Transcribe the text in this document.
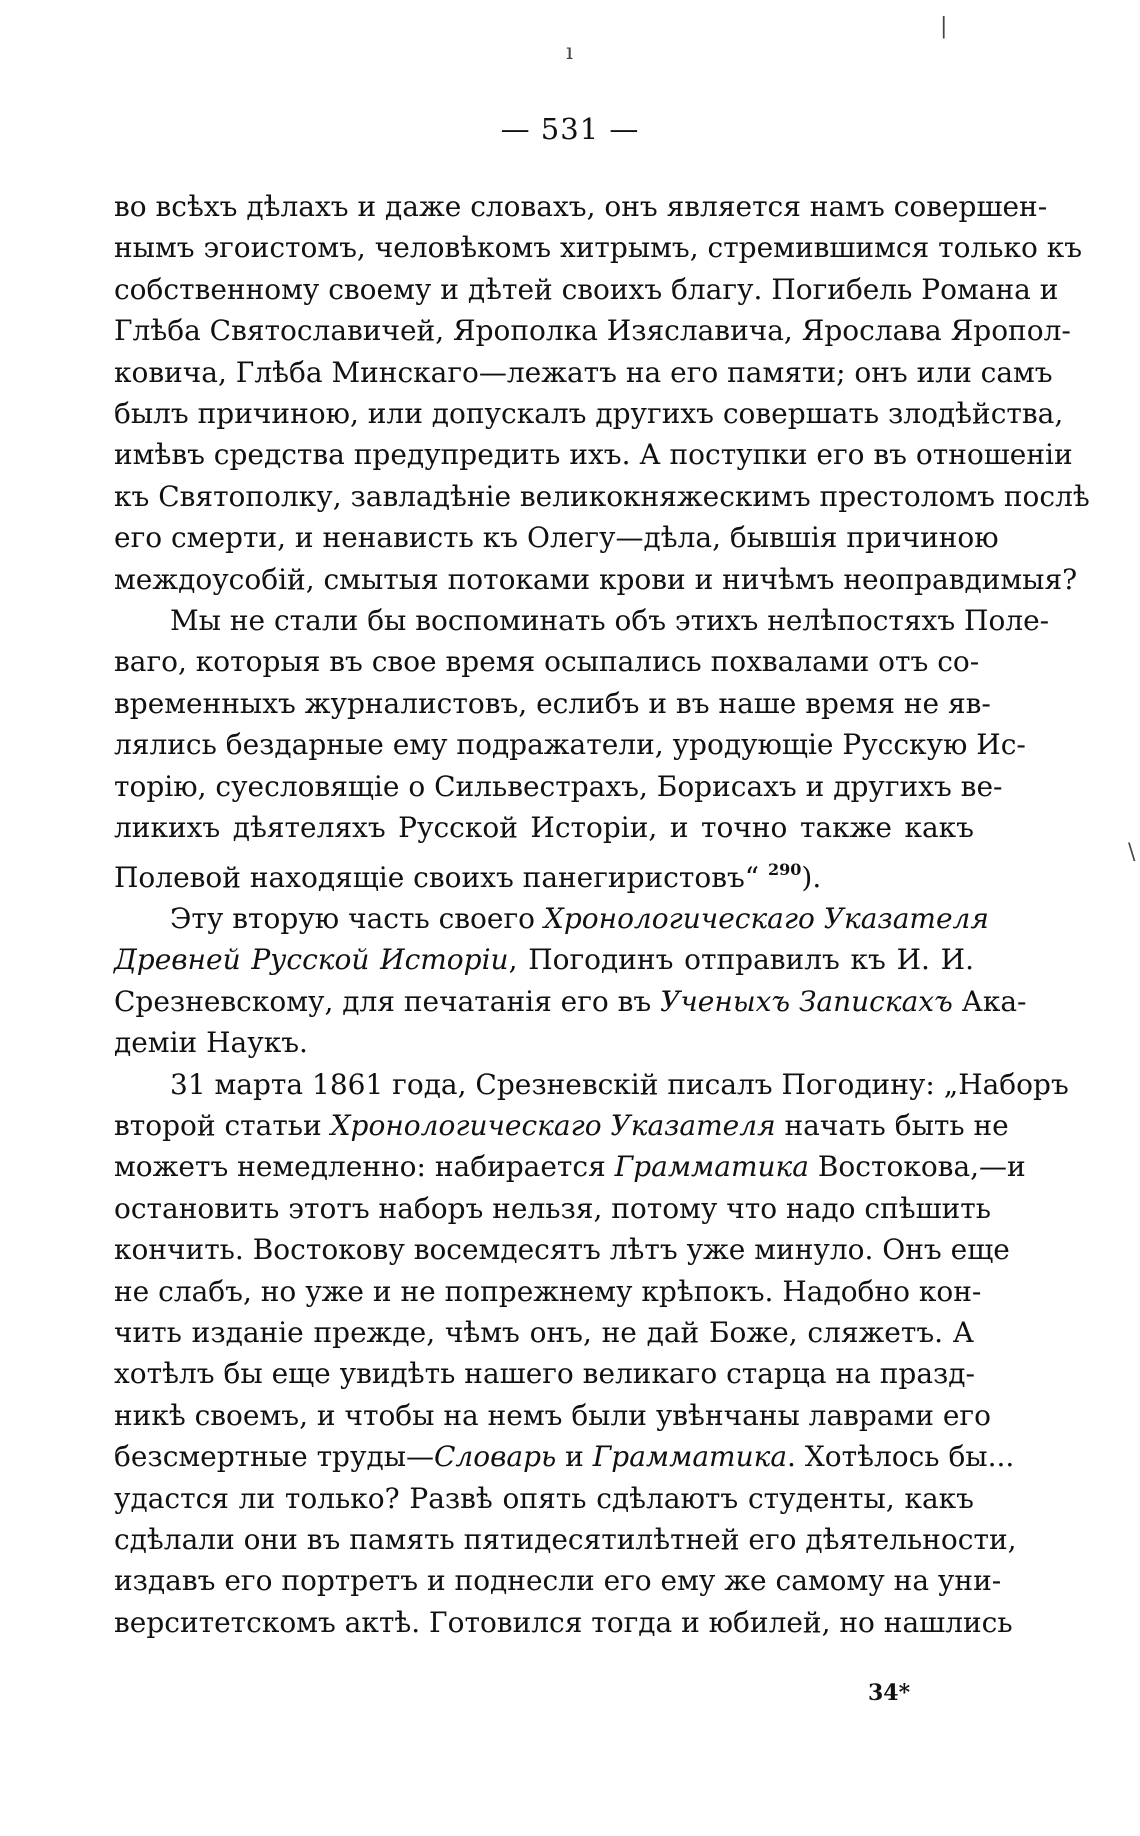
|
ı
\
— 531 —
во всѣхъ дѣлахъ и даже словахъ, онъ является намъ совершен-
нымъ эгоистомъ, человѣкомъ хитрымъ, стремившимся только къ
собственному своему и дѣтей своихъ благу. Погибель Романа и
Глѣба Святославичей, Ярополка Изяславича, Ярослава Яропол-
ковича, Глѣба Минскаго—лежатъ на его памяти; онъ или самъ
былъ причиною, или допускалъ другихъ совершать злодѣйства,
имѣвъ средства предупредить ихъ. А поступки его въ отношеніи
къ Святополку, завладѣніе великокняжескимъ престоломъ послѣ
его смерти, и ненависть къ Олегу—дѣла, бывшія причиною
междоусобій, смытыя потоками крови и ничѣмъ неоправдимыя?
Мы не стали бы воспоминать объ этихъ нелѣпостяхъ Поле-
ваго, которыя въ свое время осыпались похвалами отъ со-
временныхъ журналистовъ, еслибъ и въ наше время не яв-
лялись бездарные ему подражатели, уродующіе Русскую Ис-
торію, суесловящіе о Сильвестрахъ, Борисахъ и другихъ ве-
ликихъ дѣятеляхъ Русской Исторіи, и точно также какъ
Полевой находящіе своихъ панегиристовъ“ $^{290}$).
Эту вторую часть своего Хронологическаго Указателя
Древней Русской Исторіи, Погодинъ отправилъ къ И. И.
Срезневскому, для печатанія его въ Ученыхъ Запискахъ Ака-
деміи Наукъ.
31 марта 1861 года, Срезневскій писалъ Погодину: „Наборъ
второй статьи Хронологическаго Указателя начать быть не
можетъ немедленно: набирается Грамматика Востокова,—и
остановить этотъ наборъ нельзя, потому что надо спѣшить
кончить. Востокову восемдесятъ лѣтъ уже минуло. Онъ еще
не слабъ, но уже и не попрежнему крѣпокъ. Надобно кон-
чить изданіе прежде, чѣмъ онъ, не дай Боже, сляжетъ. А
хотѣлъ бы еще увидѣть нашего великаго старца на празд-
никѣ своемъ, и чтобы на немъ были увѣнчаны лаврами его
безсмертные труды—Словарь и Грамматика. Хотѣлось бы...
удастся ли только? Развѣ опять сдѣлаютъ студенты, какъ
сдѣлали они въ память пятидесятилѣтней его дѣятельности,
издавъ его портретъ и поднесли его ему же самому на уни-
верситетскомъ актѣ. Готовился тогда и юбилей, но нашлись
34*
